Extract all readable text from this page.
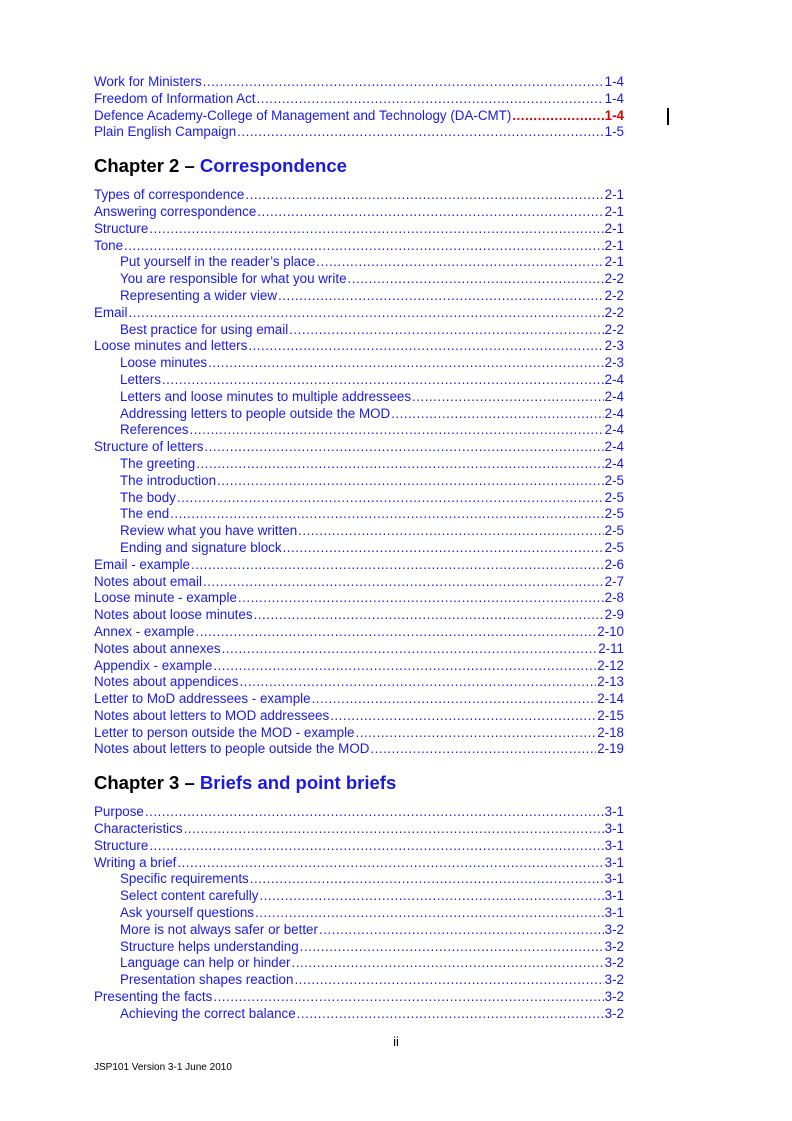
Work for Ministers .....	1-4
Freedom of Information Act .....	1-4
Defence Academy-College of Management and Technology (DA-CMT) .....	1-4
Plain English Campaign .....	1-5
Chapter 2 – Correspondence
Types of correspondence .....	2-1
Answering correspondence .....	2-1
Structure .....	2-1
Tone .....	2-1
Put yourself in the reader’s place .....	2-1
You are responsible for what you write .....	2-2
Representing a wider view .....	2-2
Email .....	2-2
Best practice for using email .....	2-2
Loose minutes and letters .....	2-3
Loose minutes .....	2-3
Letters .....	2-4
Letters and loose minutes to multiple addressees .....	2-4
Addressing letters to people outside the MOD .....	2-4
References .....	2-4
Structure of letters .....	2-4
The greeting .....	2-4
The introduction .....	2-5
The body .....	2-5
The end .....	2-5
Review what you have written .....	2-5
Ending and signature block .....	2-5
Email - example .....	2-6
Notes about email .....	2-7
Loose minute - example .....	2-8
Notes about loose minutes .....	2-9
Annex - example .....	2-10
Notes about annexes .....	2-11
Appendix - example .....	2-12
Notes about appendices .....	2-13
Letter to MoD addressees - example .....	2-14
Notes about letters to MOD addressees .....	2-15
Letter to person outside the MOD - example .....	2-18
Notes about letters to people outside the MOD .....	2-19
Chapter 3 – Briefs and point briefs
Purpose .....	3-1
Characteristics .....	3-1
Structure .....	3-1
Writing a brief .....	3-1
Specific requirements .....	3-1
Select content carefully .....	3-1
Ask yourself questions .....	3-1
More is not always safer or better .....	3-2
Structure helps understanding .....	3-2
Language can help or hinder .....	3-2
Presentation shapes reaction .....	3-2
Presenting the facts .....	3-2
Achieving the correct balance .....	3-2
ii
JSP101 Version 3-1 June 2010
